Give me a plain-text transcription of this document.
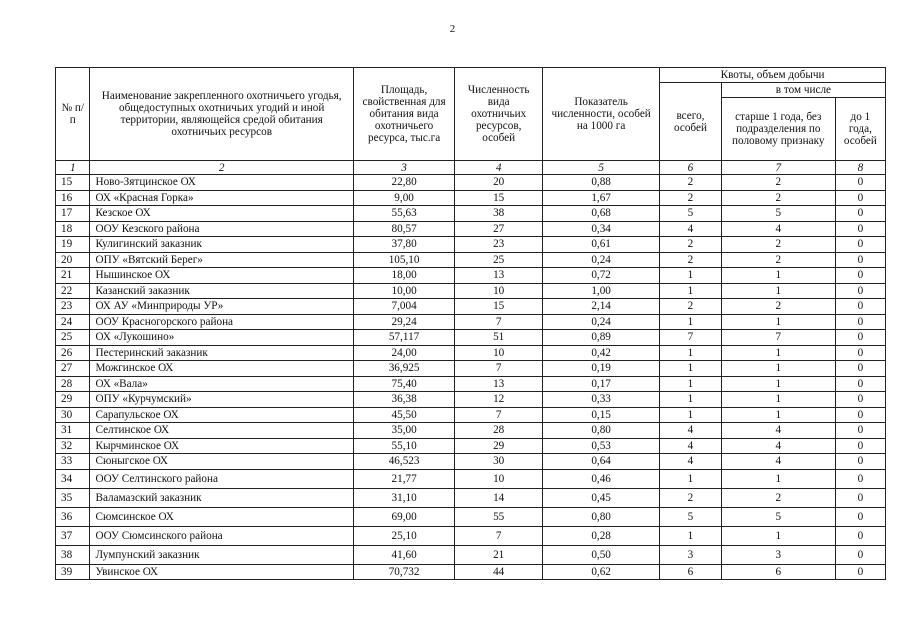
2
№ п/п	Наименование закрепленного охотничьего угодья, общедоступных охотничьих угодий и иной территории, являющейся средой обитания охотничьих ресурсов	Площадь, свойственная для обитания вида охотничьего ресурса, тыс.га	Численность вида охотничьих ресурсов, особей	Показатель численности, особей на 1000 га	Квоты, объем добычи		
					всего, особей	в том числе	
						старше 1 года, без подразделения по половому признаку	до 1 года, особей
1	2	3	4	5	6	7	8
15	Ново-Зятцинское ОХ	22,80	20	0,88	2	2	0
16	ОХ «Красная Горка»	9,00	15	1,67	2	2	0
17	Кезское ОХ	55,63	38	0,68	5	5	0
18	ООУ Кезского района	80,57	27	0,34	4	4	0
19	Кулигинский заказник	37,80	23	0,61	2	2	0
20	ОПУ «Вятский Берег»	105,10	25	0,24	2	2	0
21	Нышинское ОХ	18,00	13	0,72	1	1	0
22	Казанский заказник	10,00	10	1,00	1	1	0
23	ОХ АУ «Минприроды УР»	7,004	15	2,14	2	2	0
24	ООУ Красногорского района	29,24	7	0,24	1	1	0
25	ОХ «Лукошино»	57,117	51	0,89	7	7	0
26	Пестеринский заказник	24,00	10	0,42	1	1	0
27	Можгинское ОХ	36,925	7	0,19	1	1	0
28	ОХ «Вала»	75,40	13	0,17	1	1	0
29	ОПУ «Курчумский»	36,38	12	0,33	1	1	0
30	Сарапульское ОХ	45,50	7	0,15	1	1	0
31	Селтинское ОХ	35,00	28	0,80	4	4	0
32	Кырчминское ОХ	55,10	29	0,53	4	4	0
33	Сюныгское ОХ	46,523	30	0,64	4	4	0
34	ООУ Селтинского района	21,77	10	0,46	1	1	0
35	Валамазский заказник	31,10	14	0,45	2	2	0
36	Сюмсинское ОХ	69,00	55	0,80	5	5	0
37	ООУ Сюмсинского района	25,10	7	0,28	1	1	0
38	Лумпунский заказник	41,60	21	0,50	3	3	0
39	Увинское ОХ	70,732	44	0,62	6	6	0
